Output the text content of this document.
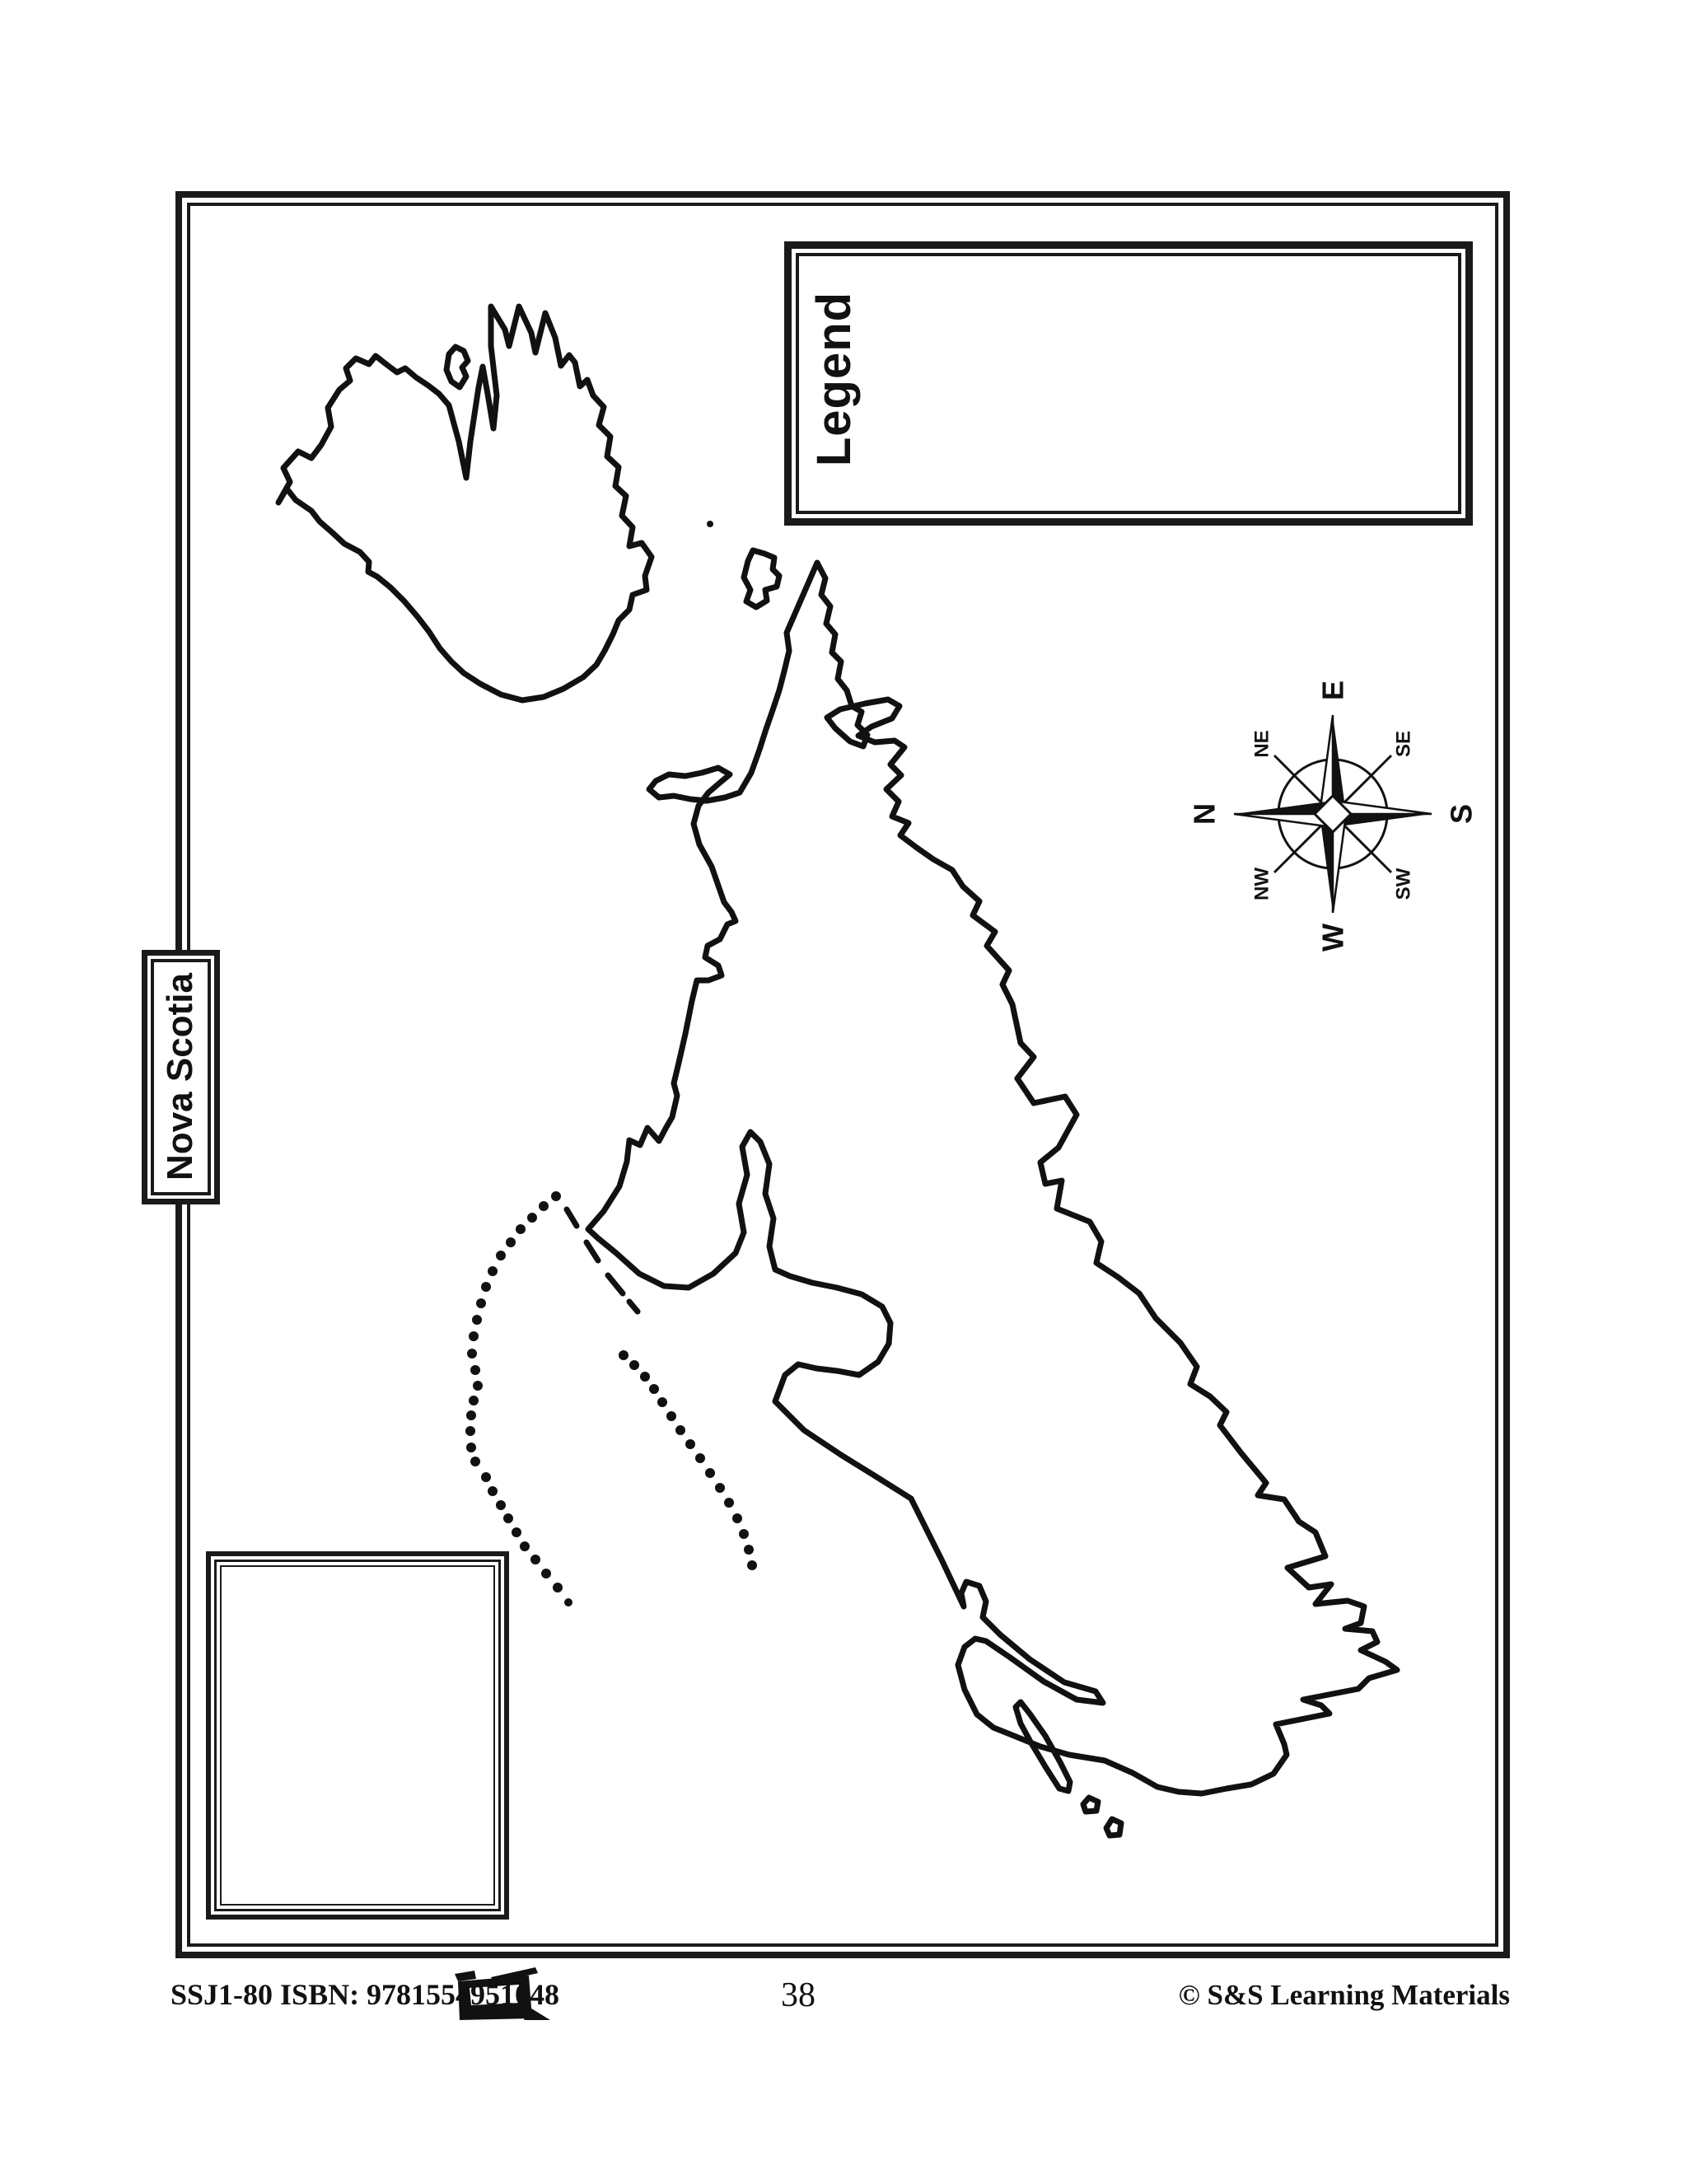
N	S
E
W
NE	SE
SW
NW
Legend
Nova Scotia
SSJ1-80 ISBN: 9781554951048	38	© S&S Learning Materials
